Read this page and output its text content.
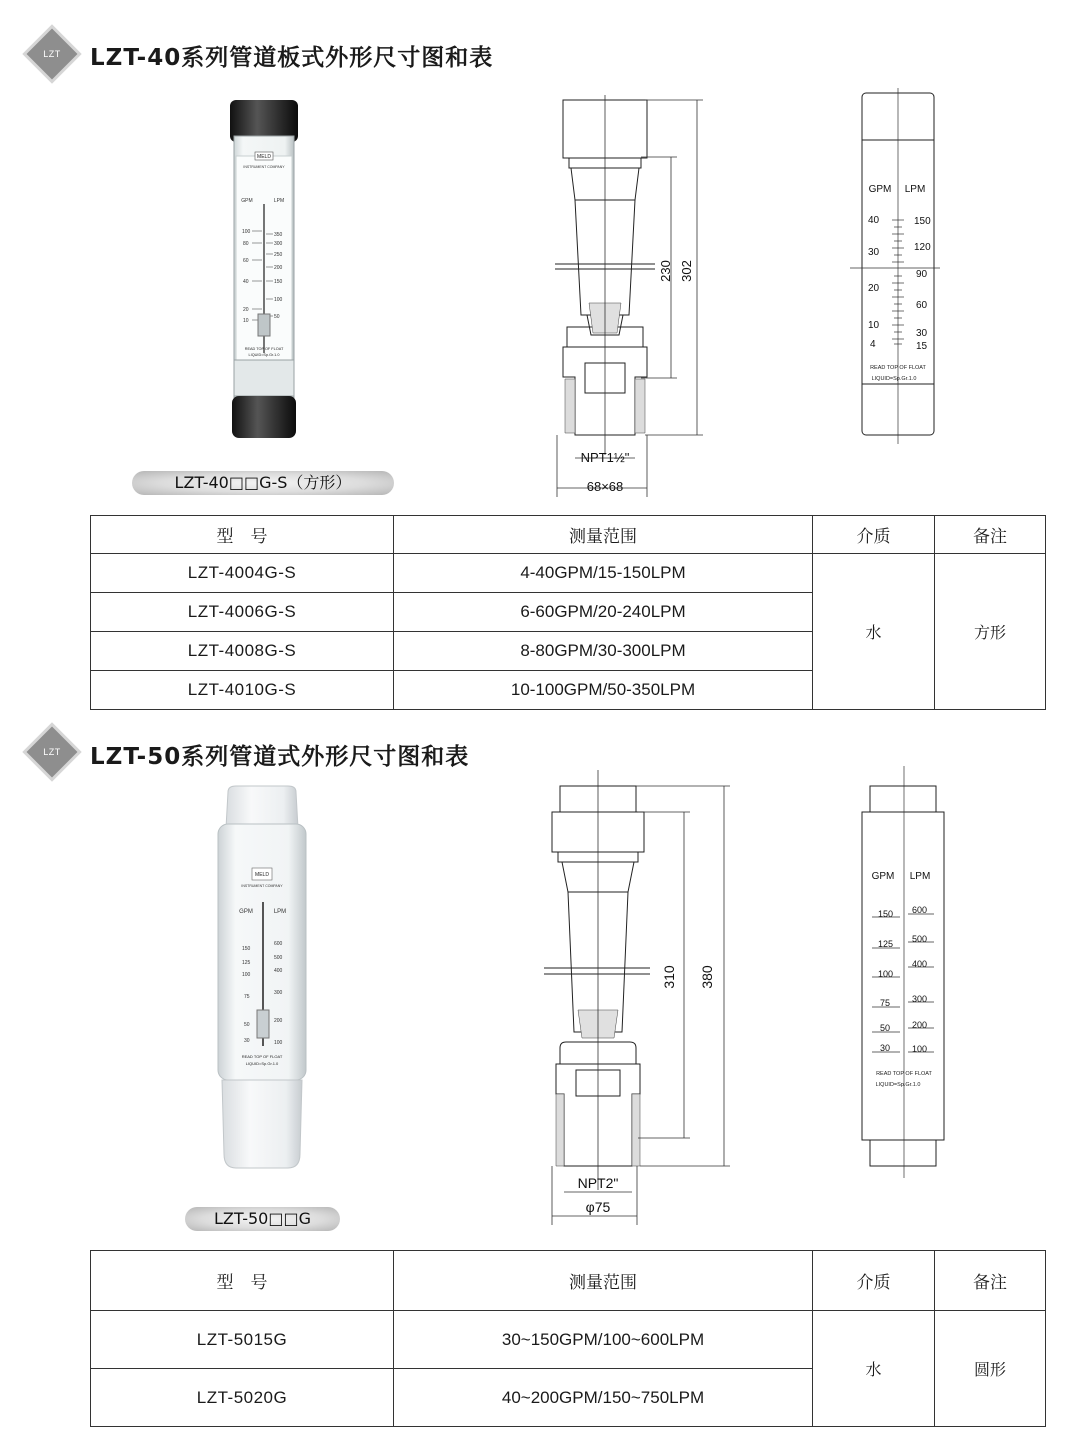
LZT	LZT-40系列管道板式外形尺寸图和表
MELD
INSTRUMENT COMPANY
GPM	LPM
100
80
60
40
20
10
350
300
250
200
150
100
50
READ TOP OF FLOAT
LIQUID=Sp.Gr.1.0
LZT-40□□G-S（方形）
NPT1½"
68×68
230 302
GPM LPM
40
30
20
10
4
150
120
90
60
30
15
READ TOP OF FLOAT
LIQUID=Sp.Gr.1.0
型　号	测量范围	介质	备注
LZT-4004G-S	4-40GPM/15-150LPM	水	方形
LZT-4006G-S	6-60GPM/20-240LPM		
LZT-4008G-S	8-80GPM/30-300LPM		
LZT-4010G-S	10-100GPM/50-350LPM		
LZT	LZT-50系列管道式外形尺寸图和表
MELD
INSTRUMENT COMPANY
GPM	LPM
150
125
100
75
50
30
600
500
400
300
200
100
READ TOP OF FLOAT
LIQUID=Sp.Gr.1.0
LZT-50□□G
NPT2"
φ75
310 380
GPM LPM
150
125
100
75
50
30
600
500
400
300
200
100
READ TOP OF FLOAT
LIQUID=Sp.Gr.1.0
型　号	测量范围	介质	备注
LZT-5015G	30~150GPM/100~600LPM	水	圆形
LZT-5020G	40~200GPM/150~750LPM		
